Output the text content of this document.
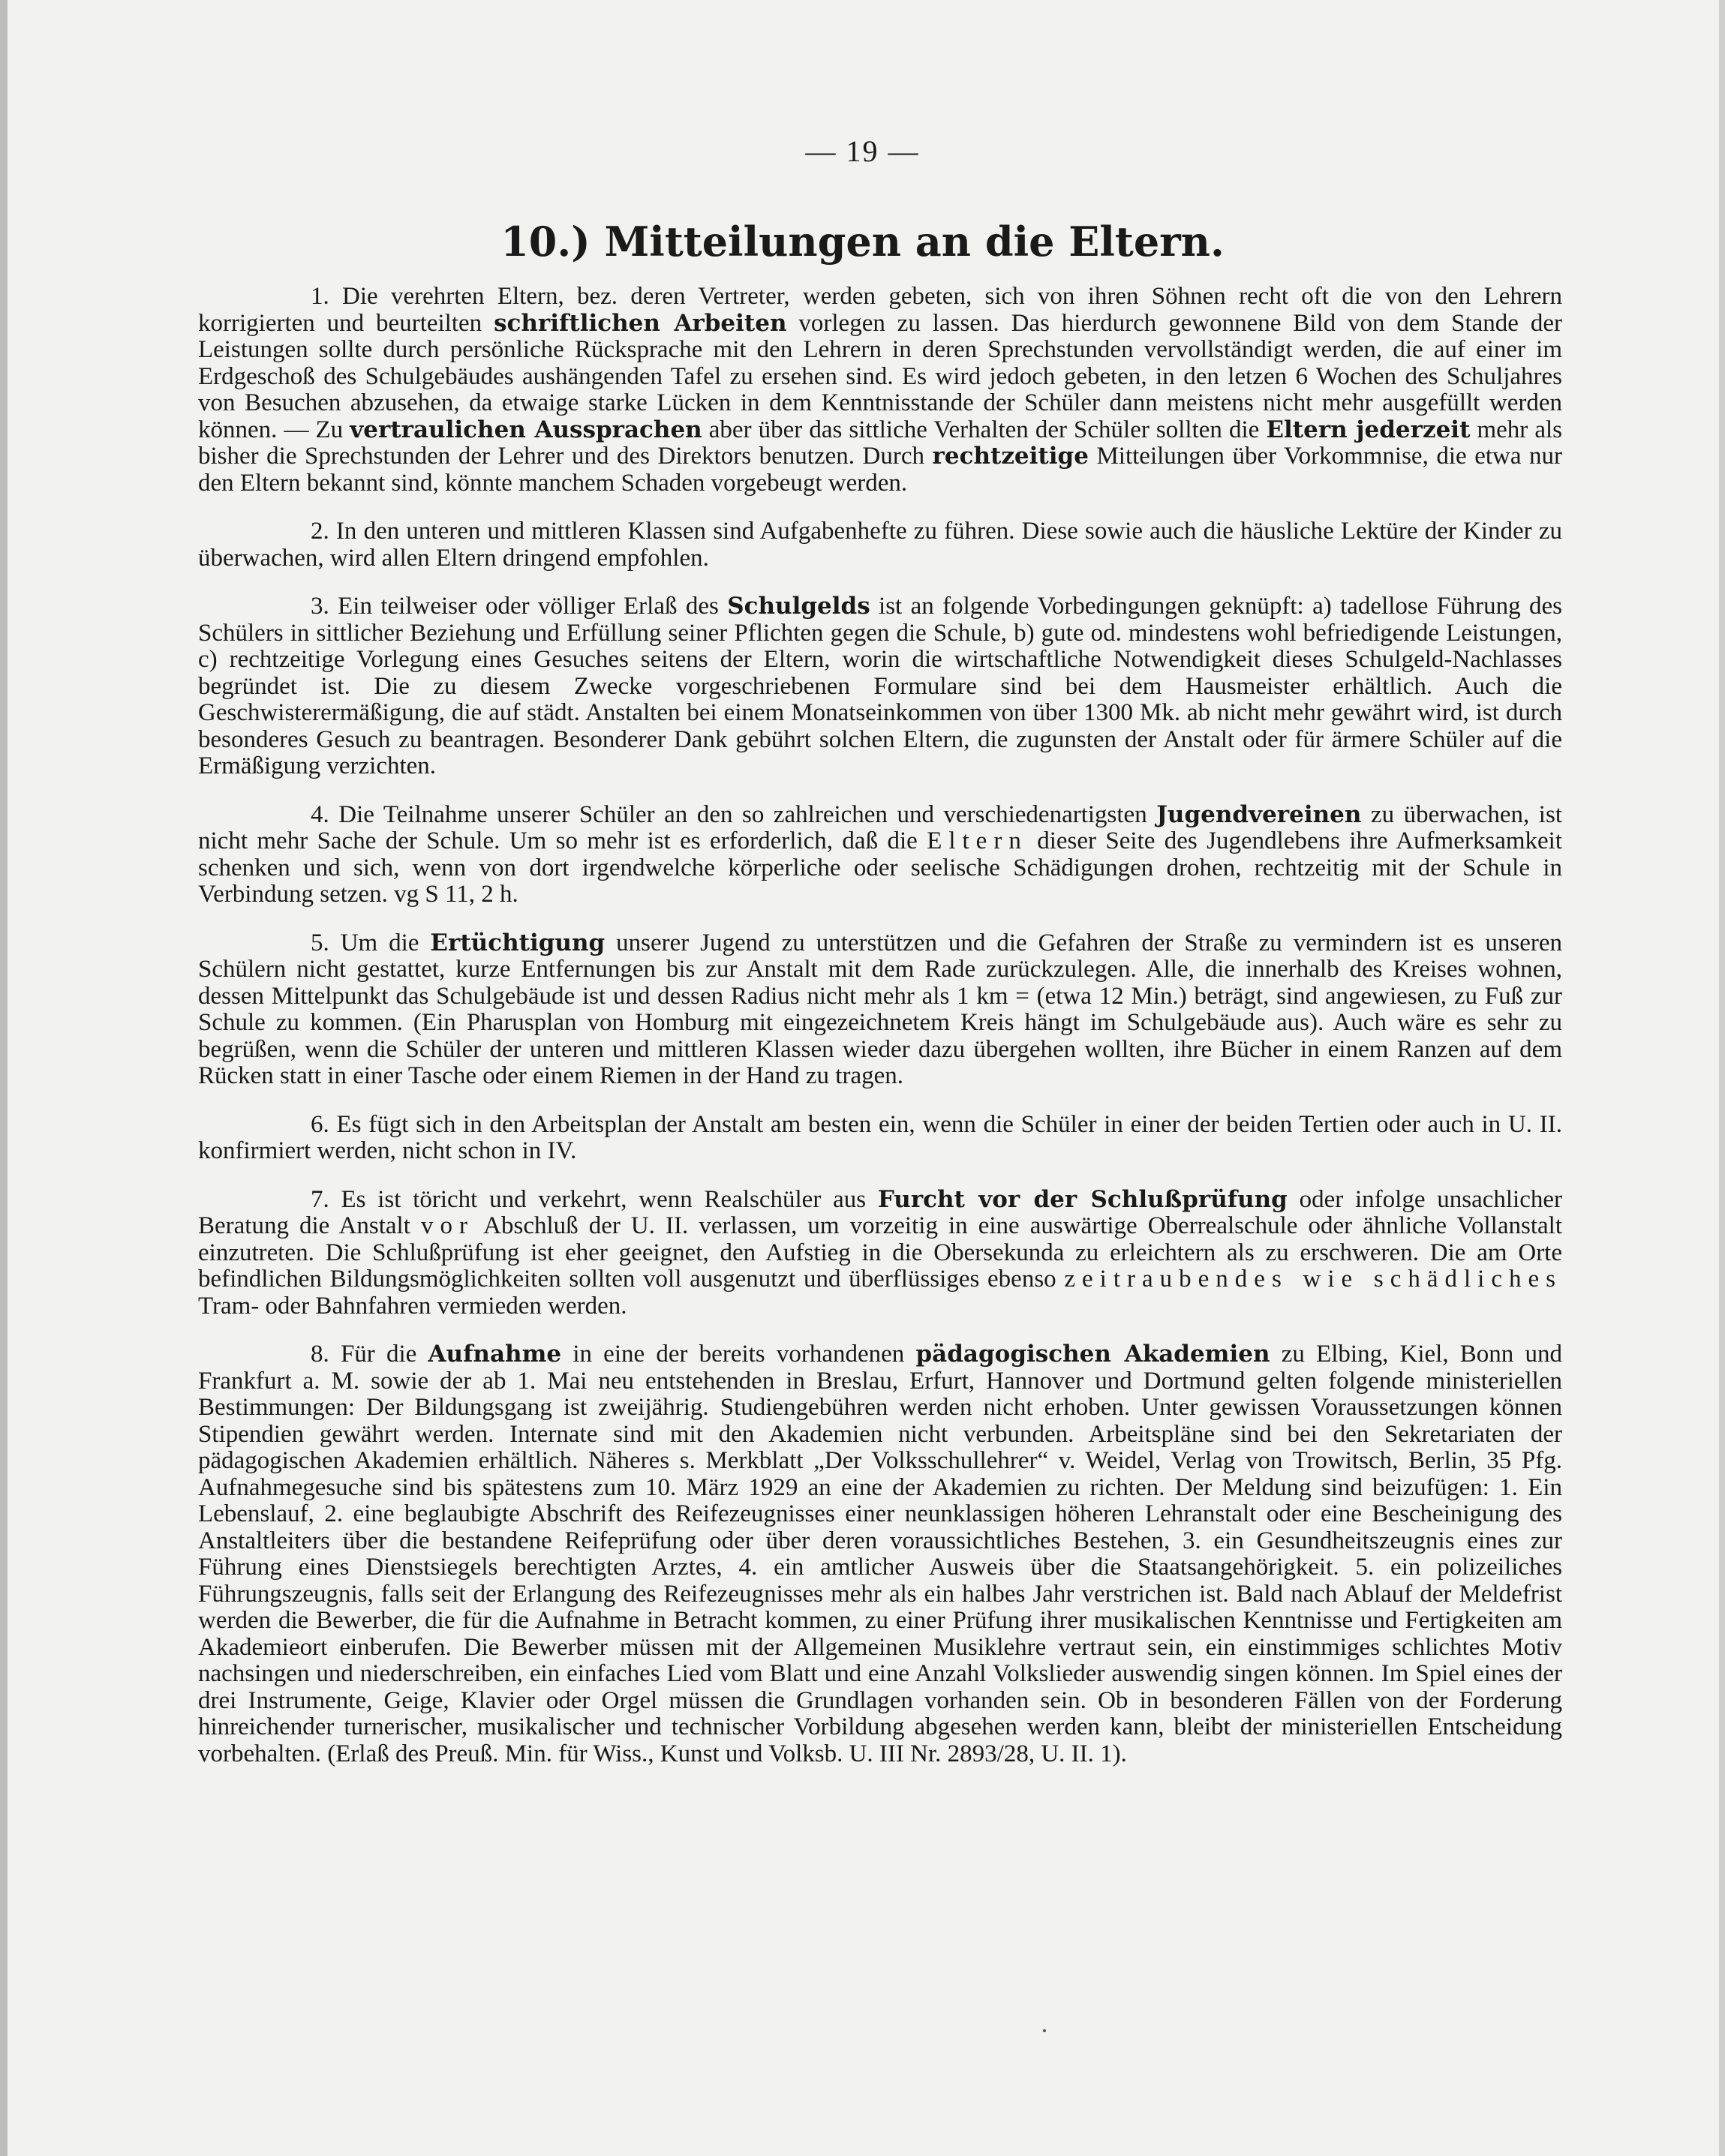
— 19 —
10.) Mitteilungen an die Eltern.

1. Die verehrten Eltern, bez. deren Vertreter, werden gebeten, sich von ihren Söhnen recht oft die von den Lehrern korrigierten und beurteilten schriftlichen Arbeiten vorlegen zu lassen. Das hierdurch gewonnene Bild von dem Stande der Leistungen sollte durch persönliche Rücksprache mit den Lehrern in deren Sprechstunden vervollständigt werden, die auf einer im Erdgeschoß des Schulgebäudes aushängenden Tafel zu ersehen sind. Es wird jedoch gebeten, in den letzen 6 Wochen des Schuljahres von Besuchen abzusehen, da etwaige starke Lücken in dem Kenntnisstande der Schüler dann meistens nicht mehr ausgefüllt werden können. — Zu vertraulichen Aussprachen aber über das sittliche Verhalten der Schüler sollten die Eltern jederzeit mehr als bisher die Sprechstunden der Lehrer und des Direktors benutzen. Durch rechtzeitige Mitteilungen über Vorkommnise, die etwa nur den Eltern bekannt sind, könnte manchem Schaden vorgebeugt werden.

2. In den unteren und mittleren Klassen sind Aufgabenhefte zu führen. Diese sowie auch die häusliche Lektüre der Kinder zu überwachen, wird allen Eltern dringend empfohlen.

3. Ein teilweiser oder völliger Erlaß des Schulgelds ist an folgende Vorbedingungen geknüpft: a) tadellose Führung des Schülers in sittlicher Beziehung und Erfüllung seiner Pflichten gegen die Schule, b) gute od. mindestens wohl befriedigende Leistungen, c) rechtzeitige Vorlegung eines Gesuches seitens der Eltern, worin die wirtschaftliche Notwendigkeit dieses Schulgeld-Nachlasses begründet ist. Die zu diesem Zwecke vorgeschriebenen Formulare sind bei dem Hausmeister erhältlich. Auch die Geschwisterermäßigung, die auf städt. Anstalten bei einem Monatseinkommen von über 1300 Mk. ab nicht mehr gewährt wird, ist durch besonderes Gesuch zu beantragen. Besonderer Dank gebührt solchen Eltern, die zugunsten der Anstalt oder für ärmere Schüler auf die Ermäßigung verzichten.

4. Die Teilnahme unserer Schüler an den so zahlreichen und verschiedenartigsten Jugendvereinen zu überwachen, ist nicht mehr Sache der Schule. Um so mehr ist es erforderlich, daß die Eltern dieser Seite des Jugendlebens ihre Aufmerksamkeit schenken und sich, wenn von dort irgendwelche körperliche oder seelische Schädigungen drohen, rechtzeitig mit der Schule in Verbindung setzen. vg S 11, 2 h.

5. Um die Ertüchtigung unserer Jugend zu unterstützen und die Gefahren der Straße zu vermindern ist es unseren Schülern nicht gestattet, kurze Entfernungen bis zur Anstalt mit dem Rade zurückzulegen. Alle, die innerhalb des Kreises wohnen, dessen Mittelpunkt das Schulgebäude ist und dessen Radius nicht mehr als 1 km = (etwa 12 Min.) beträgt, sind angewiesen, zu Fuß zur Schule zu kommen. (Ein Pharusplan von Homburg mit eingezeichnetem Kreis hängt im Schulgebäude aus). Auch wäre es sehr zu begrüßen, wenn die Schüler der unteren und mittleren Klassen wieder dazu übergehen wollten, ihre Bücher in einem Ranzen auf dem Rücken statt in einer Tasche oder einem Riemen in der Hand zu tragen.

6. Es fügt sich in den Arbeitsplan der Anstalt am besten ein, wenn die Schüler in einer der beiden Tertien oder auch in U. II. konfirmiert werden, nicht schon in IV.

7. Es ist töricht und verkehrt, wenn Realschüler aus Furcht vor der Schlußprüfung oder infolge unsachlicher Beratung die Anstalt vor Abschluß der U. II. verlassen, um vorzeitig in eine auswärtige Oberrealschule oder ähnliche Vollanstalt einzutreten. Die Schlußprüfung ist eher geeignet, den Aufstieg in die Obersekunda zu erleichtern als zu erschweren. Die am Orte befindlichen Bildungsmöglichkeiten sollten voll ausgenutzt und überflüssiges ebenso zeitraubendes wie schädliches Tram- oder Bahnfahren vermieden werden.

8. Für die Aufnahme in eine der bereits vorhandenen pädagogischen Akademien zu Elbing, Kiel, Bonn und Frankfurt a. M. sowie der ab 1. Mai neu entstehenden in Breslau, Erfurt, Hannover und Dortmund gelten folgende ministeriellen Bestimmungen: Der Bildungsgang ist zweijährig. Studiengebühren werden nicht erhoben. Unter gewissen Voraussetzungen können Stipendien gewährt werden. Internate sind mit den Akademien nicht verbunden. Arbeitspläne sind bei den Sekretariaten der pädagogischen Akademien erhältlich. Näheres s. Merkblatt „Der Volksschullehrer“ v. Weidel, Verlag von Trowitsch, Berlin, 35 Pfg. Aufnahmegesuche sind bis spätestens zum 10. März 1929 an eine der Akademien zu richten. Der Meldung sind beizufügen: 1. Ein Lebenslauf, 2. eine beglaubigte Abschrift des Reifezeugnisses einer neunklassigen höheren Lehranstalt oder eine Bescheinigung des Anstaltleiters über die bestandene Reifeprüfung oder über deren voraussichtliches Bestehen, 3. ein Gesundheitszeugnis eines zur Führung eines Dienstsiegels berechtigten Arztes, 4. ein amtlicher Ausweis über die Staatsangehörigkeit. 5. ein polizeiliches Führungszeugnis, falls seit der Erlangung des Reifezeugnisses mehr als ein halbes Jahr verstrichen ist. Bald nach Ablauf der Meldefrist werden die Bewerber, die für die Aufnahme in Betracht kommen, zu einer Prüfung ihrer musikalischen Kenntnisse und Fertigkeiten am Akademieort einberufen. Die Bewerber müssen mit der Allgemeinen Musiklehre vertraut sein, ein einstimmiges schlichtes Motiv nachsingen und niederschreiben, ein einfaches Lied vom Blatt und eine Anzahl Volkslieder auswendig singen können. Im Spiel eines der drei Instrumente, Geige, Klavier oder Orgel müssen die Grundlagen vorhanden sein. Ob in besonderen Fällen von der Forderung hinreichender turnerischer, musikalischer und technischer Vorbildung abgesehen werden kann, bleibt der ministeriellen Entscheidung vorbehalten. (Erlaß des Preuß. Min. für Wiss., Kunst und Volksb. U. III Nr. 2893/28, U. II. 1).
